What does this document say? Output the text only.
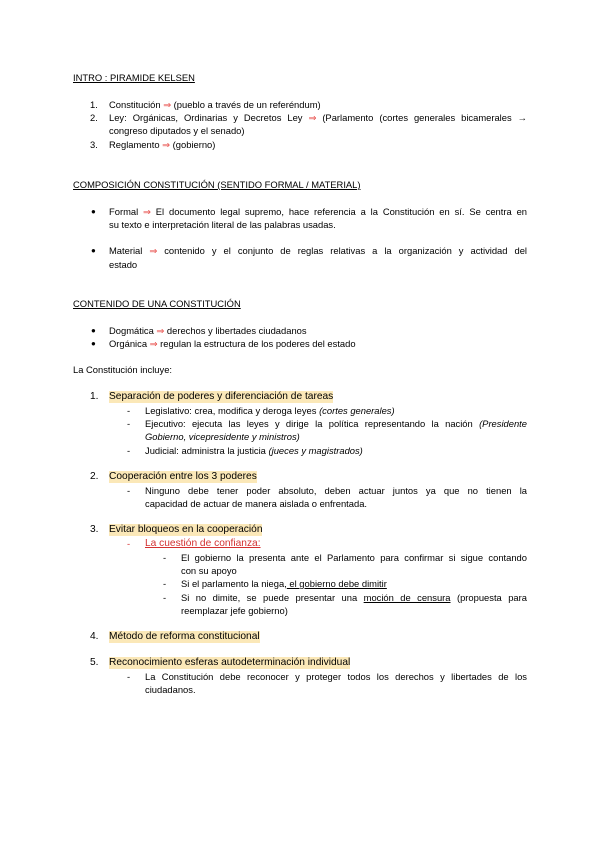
INTRO : PIRAMIDE KELSEN
1. Constitución ⇒ (pueblo a través de un referéndum)
2. Ley: Orgánicas, Ordinarias y Decretos Ley ⇒ (Parlamento (cortes generales bicamerales →
congreso diputados y el senado)
3. Reglamento ⇒ (gobierno)
COMPOSICIÓN CONSTITUCIÓN (SENTIDO FORMAL / MATERIAL)
● Formal ⇒ El documento legal supremo, hace referencia a la Constitución en sí. Se centra en
su texto e interpretación literal de las palabras usadas.
● Material ⇒ contenido y el conjunto de reglas relativas a la organización y actividad del
estado
CONTENIDO DE UNA CONSTITUCIÓN
● Dogmática ⇒ derechos y libertades ciudadanos
● Orgánica ⇒ regulan la estructura de los poderes del estado
La Constitución incluye:
1. Separación de poderes y diferenciación de tareas
- Legislativo: crea, modifica y deroga leyes (cortes generales)
- Ejecutivo: ejecuta las leyes y dirige la política representando la nación (Presidente
Gobierno, vicepresidente y ministros)
- Judicial: administra la justicia (jueces y magistrados)
2. Cooperación entre los 3 poderes
- Ninguno debe tener poder absoluto, deben actuar juntos ya que no tienen la
capacidad de actuar de manera aislada o enfrentada.
3. Evitar bloqueos en la cooperación
- La cuestión de confianza:
- El gobierno la presenta ante el Parlamento para confirmar si sigue contando
con su apoyo
- Si el parlamento la niega, el gobierno debe dimitir
- Si no dimite, se puede presentar una moción de censura (propuesta para
reemplazar jefe gobierno)
4. Método de reforma constitucional
5. Reconocimiento esferas autodeterminación individual
- La Constitución debe reconocer y proteger todos los derechos y libertades de los
ciudadanos.
